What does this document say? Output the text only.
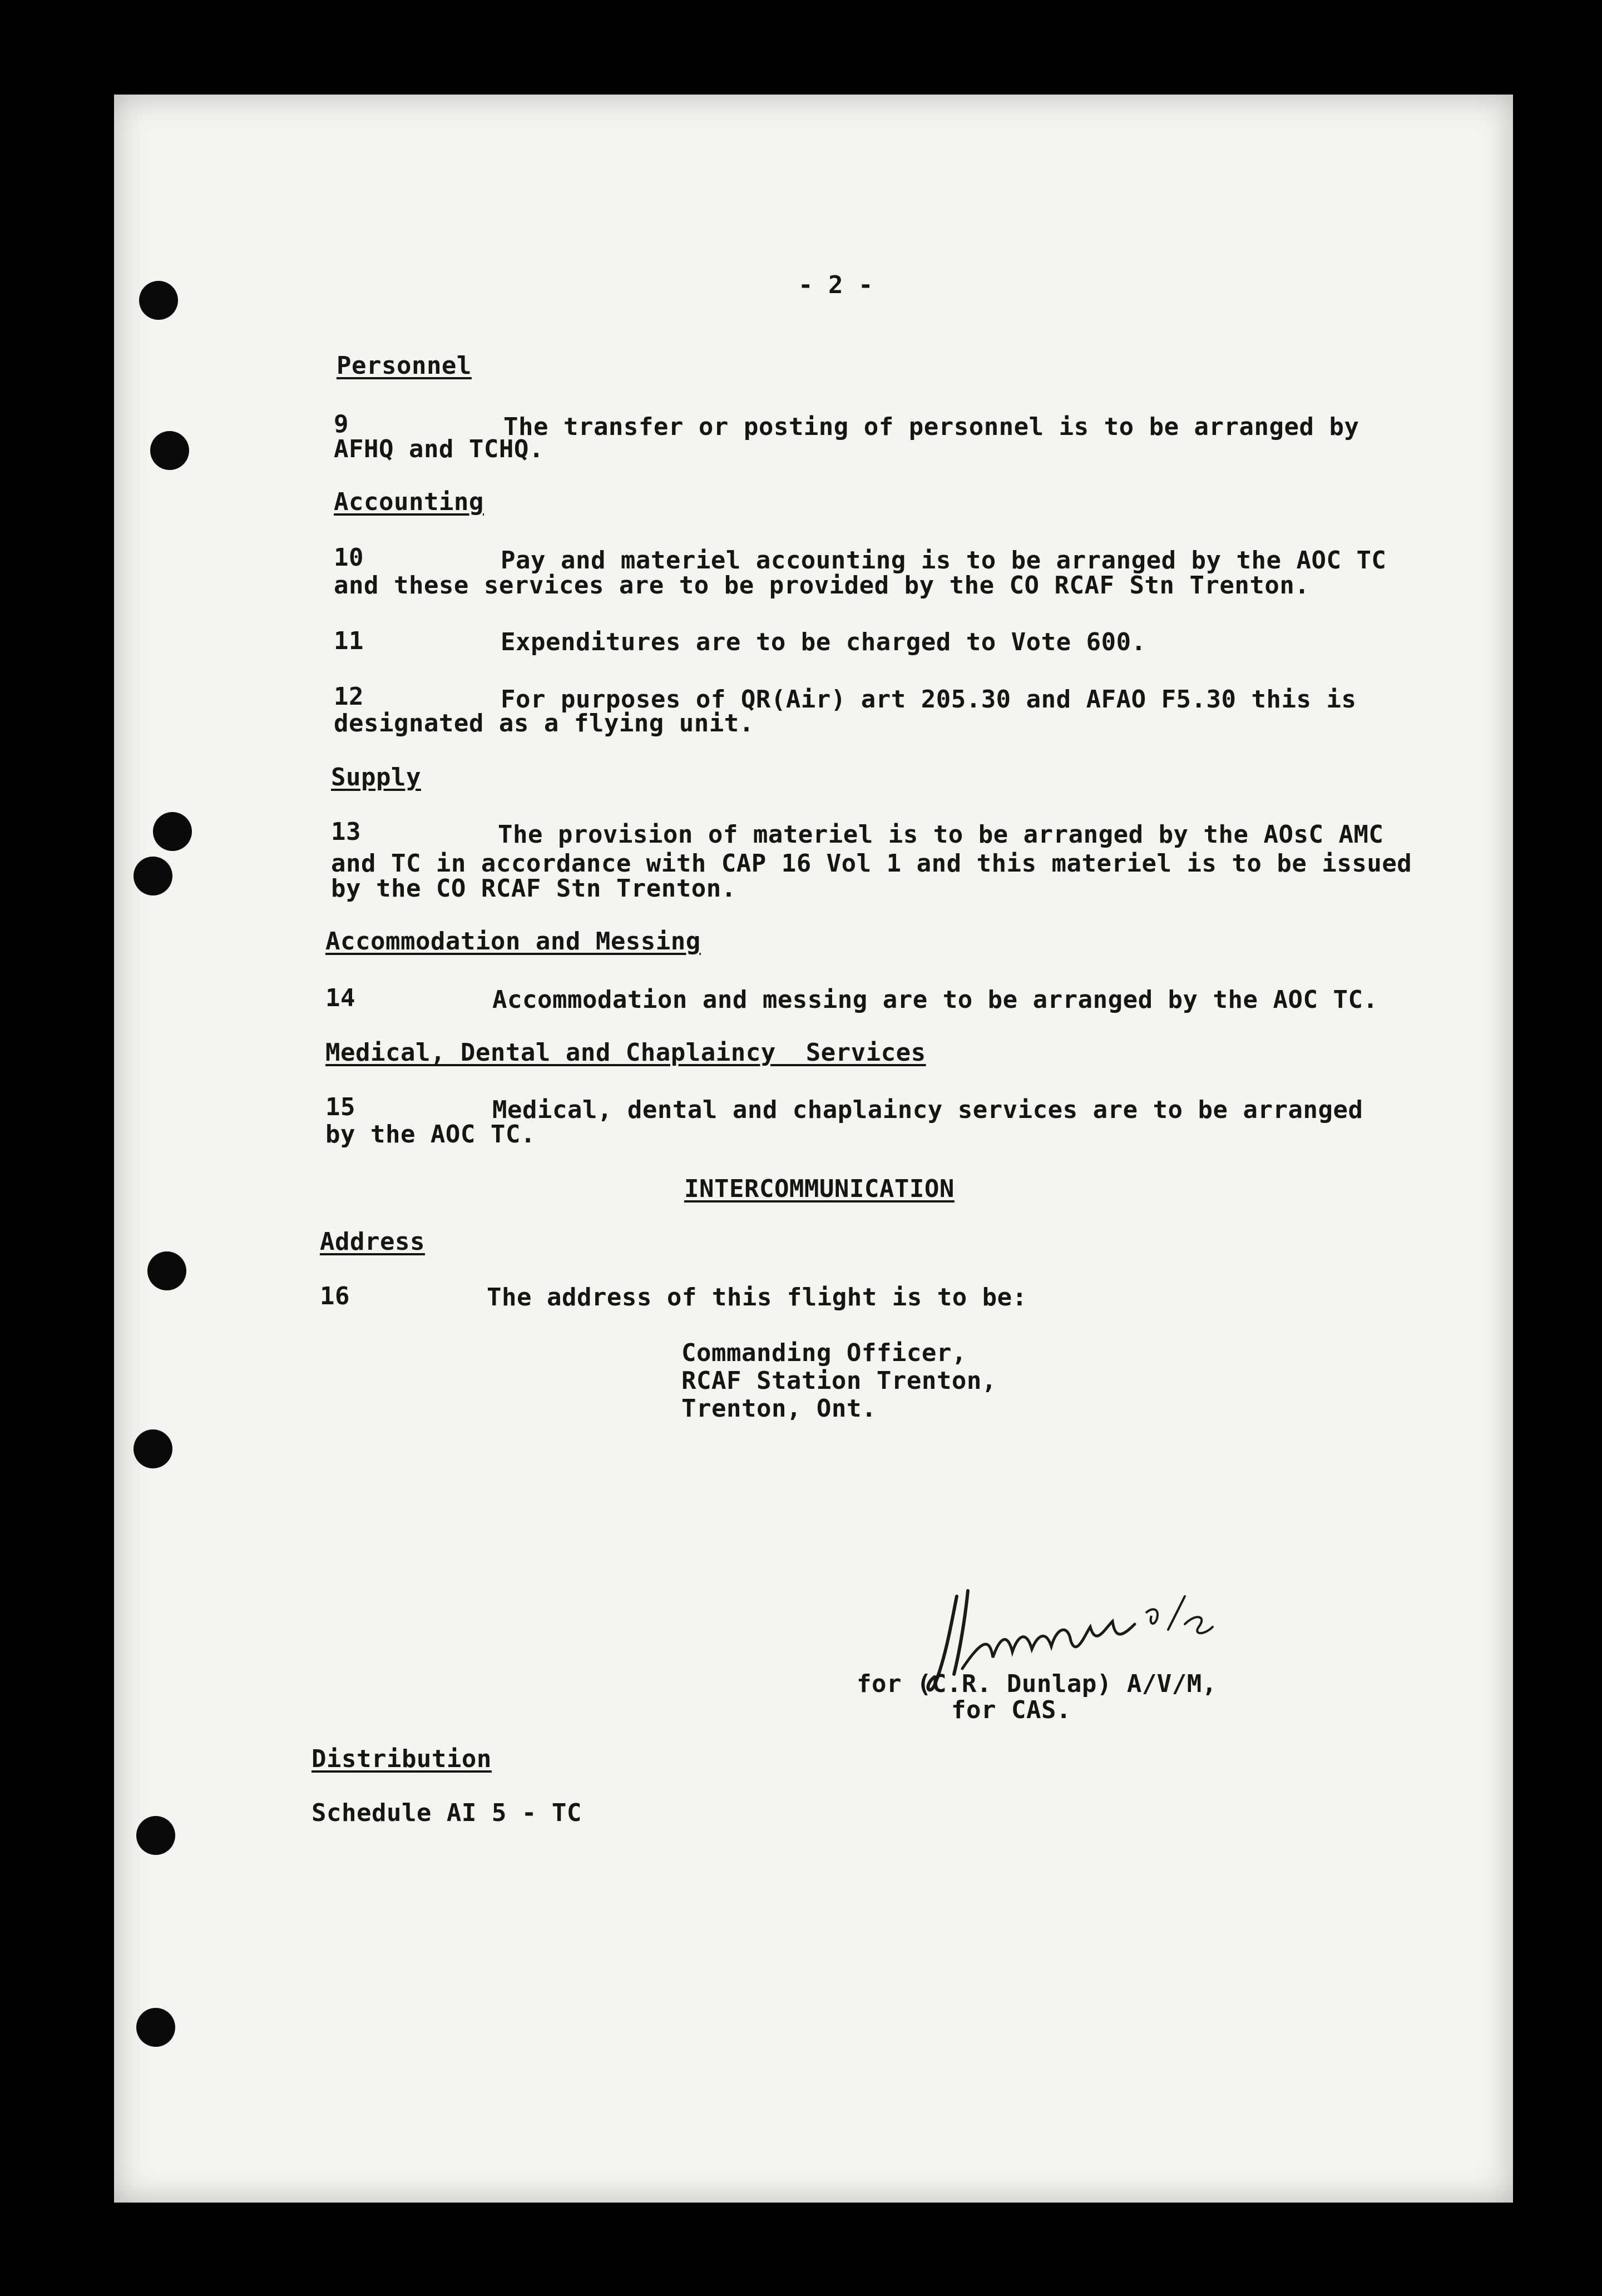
- 2 -
Personnel
9	The transfer or posting of personnel is to be arranged by
AFHQ and TCHQ.
Accounting
10	Pay and materiel accounting is to be arranged by the AOC TC
and these services are to be provided by the CO RCAF Stn Trenton.
11	Expenditures are to be charged to Vote 600.
12	For purposes of QR(Air) art 205.30 and AFAO F5.30 this is
designated as a flying unit.
Supply
13	The provision of materiel is to be arranged by the AOsC AMC
and TC in accordance with CAP 16 Vol 1 and this materiel is to be issued
by the CO RCAF Stn Trenton.
Accommodation and Messing
14	Accommodation and messing are to be arranged by the AOC TC.
Medical, Dental and Chaplaincy  Services
15	Medical, dental and chaplaincy services are to be arranged
by the AOC TC.
INTERCOMMUNICATION
Address
16	The address of this flight is to be:
Commanding Officer,
RCAF Station Trenton,
Trenton, Ont.
for (C.R. Dunlap) A/V/M,
for CAS.
Distribution
Schedule AI 5 - TC
